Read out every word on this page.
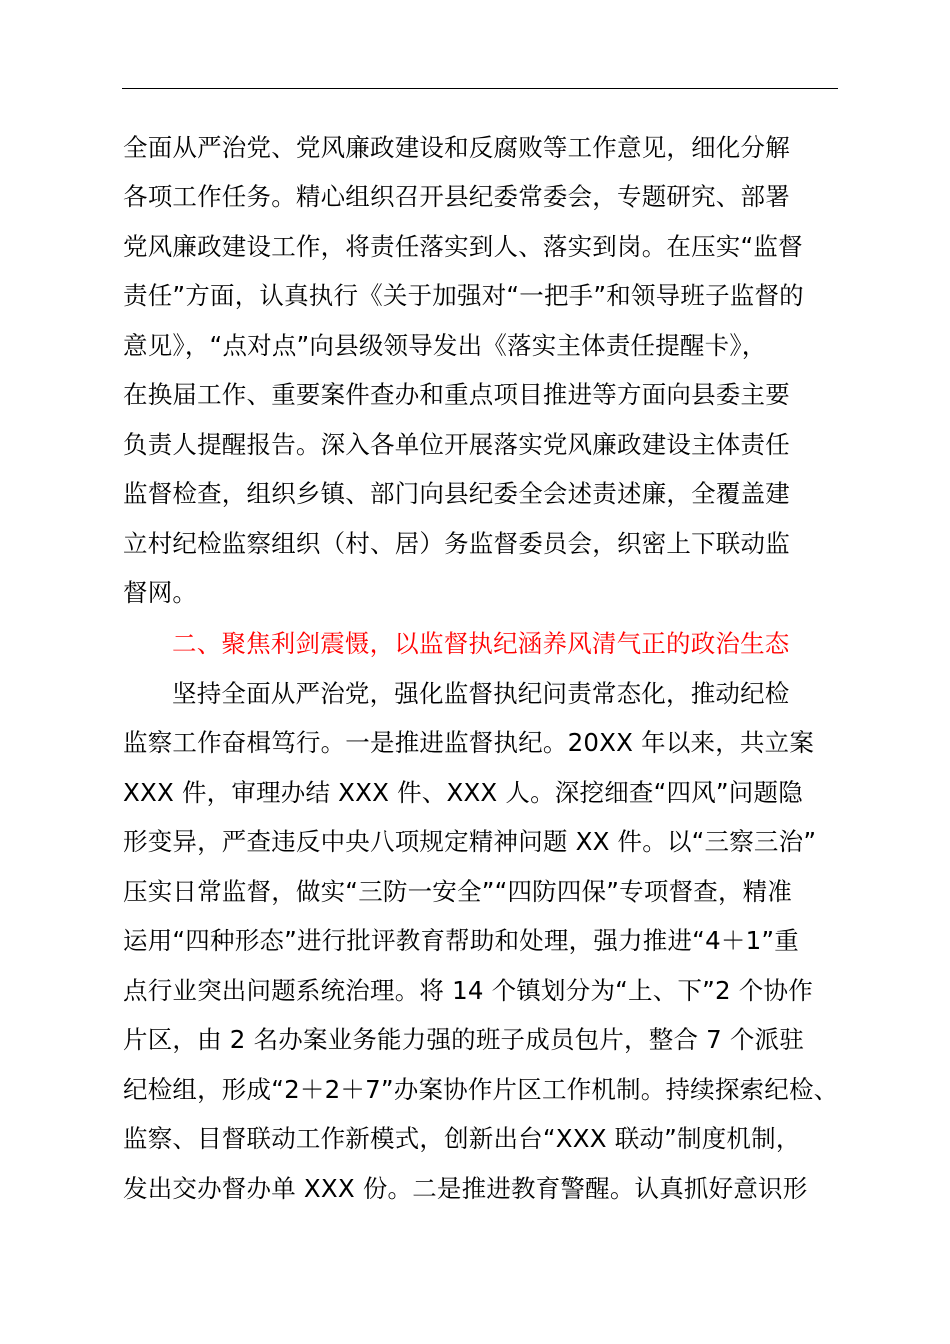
全面从严治党、党风廉政建设和反腐败等工作意见，细化分解
各项工作任务。精心组织召开县纪委常委会，专题研究、部署
党风廉政建设工作，将责任落实到人、落实到岗。在压实“监督
责任”方面，认真执行《关于加强对“一把手”和领导班子监督的
意见》，“点对点”向县级领导发出《落实主体责任提醒卡》，
在换届工作、重要案件查办和重点项目推进等方面向县委主要
负责人提醒报告。深入各单位开展落实党风廉政建设主体责任
监督检查，组织乡镇、部门向县纪委全会述责述廉，全覆盖建
立村纪检监察组织（村、居）务监督委员会，织密上下联动监
督网。
二、聚焦利剑震慑，以监督执纪涵养风清气正的政治生态
坚持全面从严治党，强化监督执纪问责常态化，推动纪检
监察工作奋楫笃行。一是推进监督执纪。20XX 年以来，共立案
XXX 件，审理办结 XXX 件、XXX 人。深挖细查“四风”问题隐
形变异，严查违反中央八项规定精神问题 XX 件。以“三察三治”
压实日常监督，做实“三防一安全”“四防四保”专项督查，精准
运用“四种形态”进行批评教育帮助和处理，强力推进“4＋1”重
点行业突出问题系统治理。将 14 个镇划分为“上、下”2 个协作
片区，由 2 名办案业务能力强的班子成员包片，整合 7 个派驻
纪检组，形成“2＋2＋7”办案协作片区工作机制。持续探索纪检、
监察、目督联动工作新模式，创新出台“XXX 联动”制度机制，
发出交办督办单 XXX 份。二是推进教育警醒。认真抓好意识形
